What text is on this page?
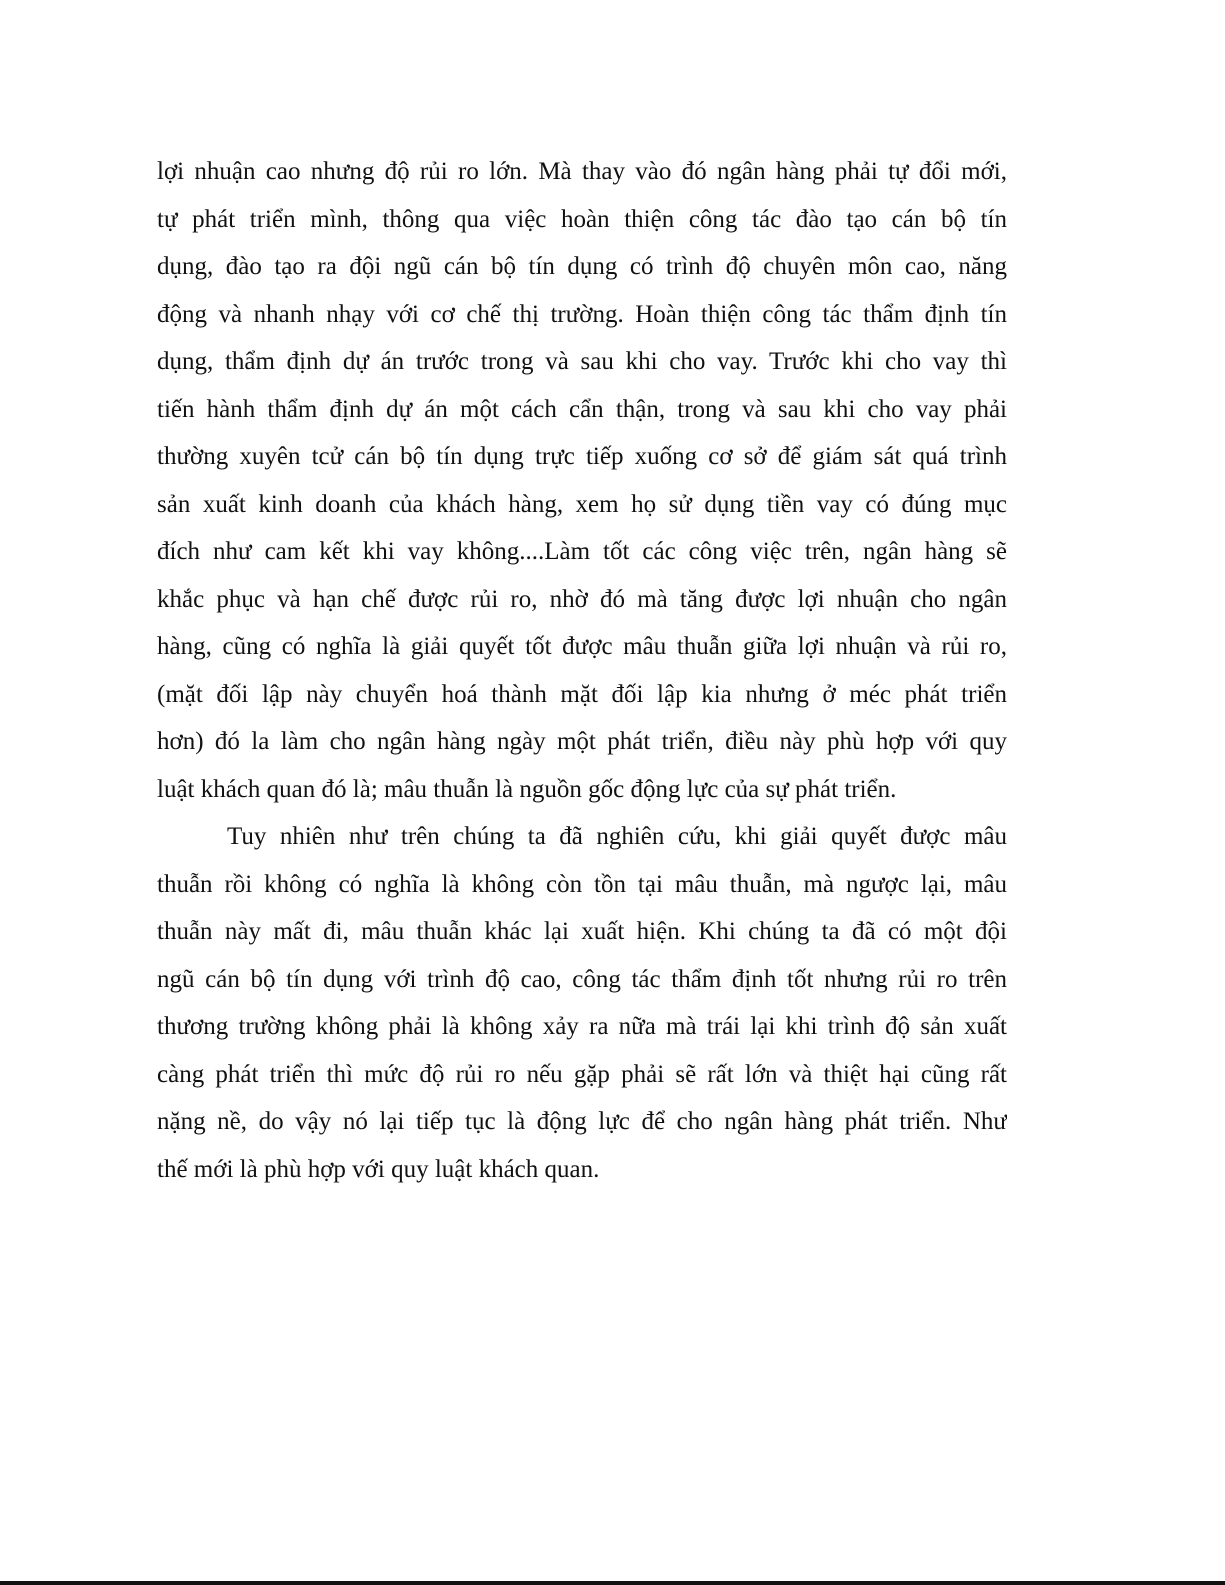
lợi nhuận cao nhưng độ rủi ro lớn. Mà thay vào đó ngân hàng phải tự đổi mới,
tự phát triển mình, thông qua việc hoàn thiện công tác đào tạo cán bộ tín
dụng, đào tạo ra đội ngũ cán bộ tín dụng có trình độ chuyên môn cao, năng
động và nhanh nhạy với cơ chế thị trường. Hoàn thiện công tác thẩm định tín
dụng, thẩm định dự án trước trong và sau khi cho vay. Trước khi cho vay thì
tiến hành thẩm định dự án một cách cẩn thận, trong và sau khi cho vay phải
thường xuyên tcử cán bộ tín dụng trực tiếp xuống cơ sở để giám sát quá trình
sản xuất kinh doanh của khách hàng, xem họ sử dụng tiền vay có đúng mục
đích như cam kết khi vay không....Làm tốt các công việc trên, ngân hàng sẽ
khắc phục và hạn chế được rủi ro, nhờ đó mà tăng được lợi nhuận cho ngân
hàng, cũng có nghĩa là giải quyết tốt được mâu thuẫn giữa lợi nhuận và rủi ro,
(mặt đối lập này chuyển hoá thành mặt đối lập kia nhưng ở méc phát triển
hơn) đó la làm cho ngân hàng ngày một phát triển, điều này phù hợp với quy
luật khách quan đó là; mâu thuẫn là nguồn gốc động lực của sự phát triển.
Tuy nhiên như trên chúng ta đã nghiên cứu, khi giải quyết được mâu
thuẫn rồi không có nghĩa là không còn tồn tại mâu thuẫn, mà ngược lại, mâu
thuẫn này mất đi, mâu thuẫn khác lại xuất hiện. Khi chúng ta đã có một đội
ngũ cán bộ tín dụng với trình độ cao, công tác thẩm định tốt nhưng rủi ro trên
thương trường không phải là không xảy ra nữa mà trái lại khi trình độ sản xuất
càng phát triển thì mức độ rủi ro nếu gặp phải sẽ rất lớn và thiệt hại cũng rất
nặng nề, do vậy nó lại tiếp tục là động lực để cho ngân hàng phát triển. Như
thế mới là phù hợp với quy luật khách quan.
